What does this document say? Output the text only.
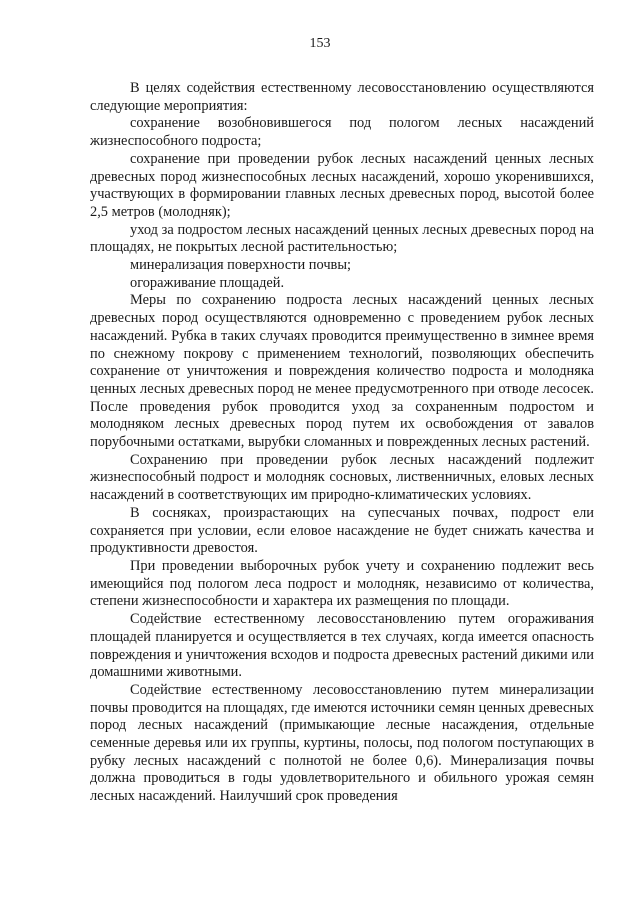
153

В целях содействия естественному лесовосстановлению осуществляются следующие мероприятия:

сохранение возобновившегося под пологом лесных насаждений жизнеспособного подроста;

сохранение при проведении рубок лесных насаждений ценных лесных древесных пород жизнеспособных лесных насаждений, хорошо укоренившихся, участвующих в формировании главных лесных древесных пород, высотой более 2,5 метров (молодняк);

уход за подростом лесных насаждений ценных лесных древесных пород на площадях, не покрытых лесной растительностью;

минерализация поверхности почвы;

огораживание площадей.

Меры по сохранению подроста лесных насаждений ценных лесных древесных пород осуществляются одновременно с проведением рубок лесных насаждений. Рубка в таких случаях проводится преимущественно в зимнее время по снежному покрову с применением технологий, позволяющих обеспечить сохранение от уничтожения и повреждения количество подроста и молодняка ценных лесных древесных пород не менее предусмотренного при отводе лесосек. После проведения рубок проводится уход за сохраненным подростом и молодняком лесных древесных пород путем их освобождения от завалов порубочными остатками, вырубки сломанных и поврежденных лесных растений.

Сохранению при проведении рубок лесных насаждений подлежит жизнеспособный подрост и молодняк сосновых, лиственничных, еловых лесных насаждений в соответствующих им природно-климатических условиях.

В сосняках, произрастающих на супесчаных почвах, подрост ели сохраняется при условии, если еловое насаждение не будет снижать качества и продуктивности древостоя.

При проведении выборочных рубок учету и сохранению подлежит весь имеющийся под пологом леса подрост и молодняк, независимо от количества, степени жизнеспособности и характера их размещения по площади.

Содействие естественному лесовосстановлению путем огораживания площадей планируется и осуществляется в тех случаях, когда имеется опасность повреждения и уничтожения всходов и подроста древесных растений дикими или домашними животными.

Содействие естественному лесовосстановлению путем минерализации почвы проводится на площадях, где имеются источники семян ценных древесных пород лесных насаждений (примыкающие лесные насаждения, отдельные семенные деревья или их группы, куртины, полосы, под пологом поступающих в рубку лесных насаждений с полнотой не более 0,6). Минерализация почвы должна проводиться в годы удовлетворительного и обильного урожая семян лесных насаждений. Наилучший срок проведения
